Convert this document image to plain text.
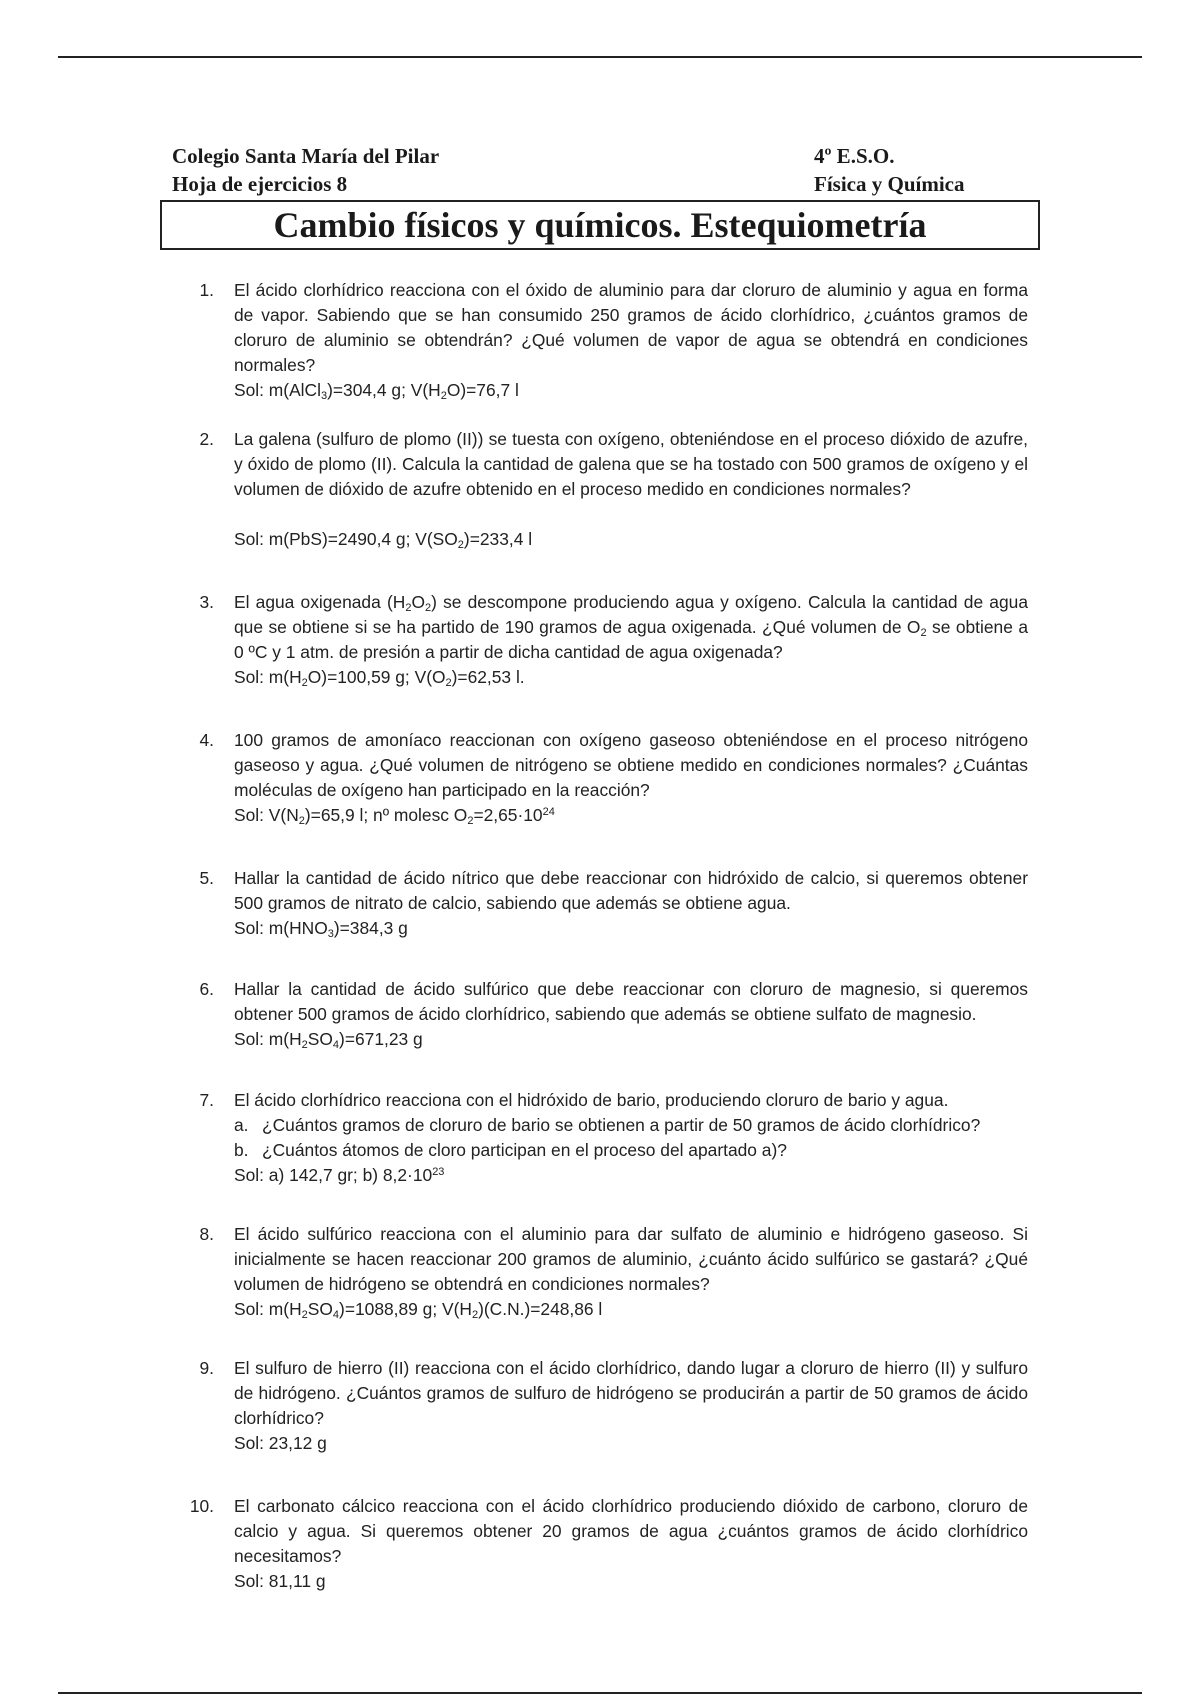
Colegio Santa María del Pilar	4º E.S.O.
Hoja de ejercicios 8	Física y Química
Cambio físicos y químicos. Estequiometría
1.	El ácido clorhídrico reacciona con el óxido de aluminio para dar cloruro de aluminio y agua en forma de vapor. Sabiendo que se han consumido 250 gramos de ácido clorhídrico, ¿cuántos gramos de cloruro de aluminio se obtendrán? ¿Qué volumen de vapor de agua se obtendrá en condiciones normales?

Sol: m(AlCl$_3$)=304,4 g; $V(H_2O)=76,7$ l

2.	La galena (sulfuro de plomo (II)) se tuesta con oxígeno, obteniéndose en el proceso dióxido de azufre, y óxido de plomo (II). Calcula la cantidad de galena que se ha tostado con 500 gramos de oxígeno y el volumen de dióxido de azufre obtenido en el proceso medido en condiciones normales?

Sol: m(PbS)=2490,4 g; $V(SO_2)=233,4$ l

3.	El agua oxigenada $(H_2O_2)$ se descompone produciendo agua y oxígeno. Calcula la cantidad de agua que se obtiene si se ha partido de 190 gramos de agua oxigenada. ¿Qué volumen de $O_2$ se obtiene a 0 ºC y 1 atm. de presión a partir de dicha cantidad de agua oxigenada?

Sol: $m(H_2O)=100,59$ g; $V(O_2)=62,53$ l.

4.	100 gramos de amoníaco reaccionan con oxígeno gaseoso obteniéndose en el proceso nitrógeno gaseoso y agua. ¿Qué volumen de nitrógeno se obtiene medido en condiciones normales? ¿Cuántas moléculas de oxígeno han participado en la reacción?

Sol: $V(N_2)=65,9$ l; nº molesc $O_2=2,65\cdot 10^{24}$

5.	Hallar la cantidad de ácido nítrico que debe reaccionar con hidróxido de calcio, si queremos obtener 500 gramos de nitrato de calcio, sabiendo que además se obtiene agua.

Sol: $m(HNO_3)=384,3$ g

6.	Hallar la cantidad de ácido sulfúrico que debe reaccionar con cloruro de magnesio, si queremos obtener 500 gramos de ácido clorhídrico, sabiendo que además se obtiene sulfato de magnesio.

Sol: $m(H_2SO_4)=671,23$ g

7.	El ácido clorhídrico reacciona con el hidróxido de bario, produciendo cloruro de bario y agua.

a. ¿Cuántos gramos de cloruro de bario se obtienen a partir de 50 gramos de ácido clorhídrico?
b. ¿Cuántos átomos de cloro participan en el proceso del apartado a)?

Sol: a) 142,7 gr; b) $8,2\cdot 10^{23}$

8.	El ácido sulfúrico reacciona con el aluminio para dar sulfato de aluminio e hidrógeno gaseoso. Si inicialmente se hacen reaccionar 200 gramos de aluminio, ¿cuánto ácido sulfúrico se gastará? ¿Qué volumen de hidrógeno se obtendrá en condiciones normales?

Sol: $m(H_2SO_4)=1088,89$ g; $V(H_2)(C.N.)=248,86$ l

9.	El sulfuro de hierro (II) reacciona con el ácido clorhídrico, dando lugar a cloruro de hierro (II) y sulfuro de hidrógeno. ¿Cuántos gramos de sulfuro de hidrógeno se producirán a partir de 50 gramos de ácido clorhídrico?

Sol: 23,12 g

10.	El carbonato cálcico reacciona con el ácido clorhídrico produciendo dióxido de carbono, cloruro de calcio y agua. Si queremos obtener 20 gramos de agua ¿cuántos gramos de ácido clorhídrico necesitamos?

Sol: 81,11 g
